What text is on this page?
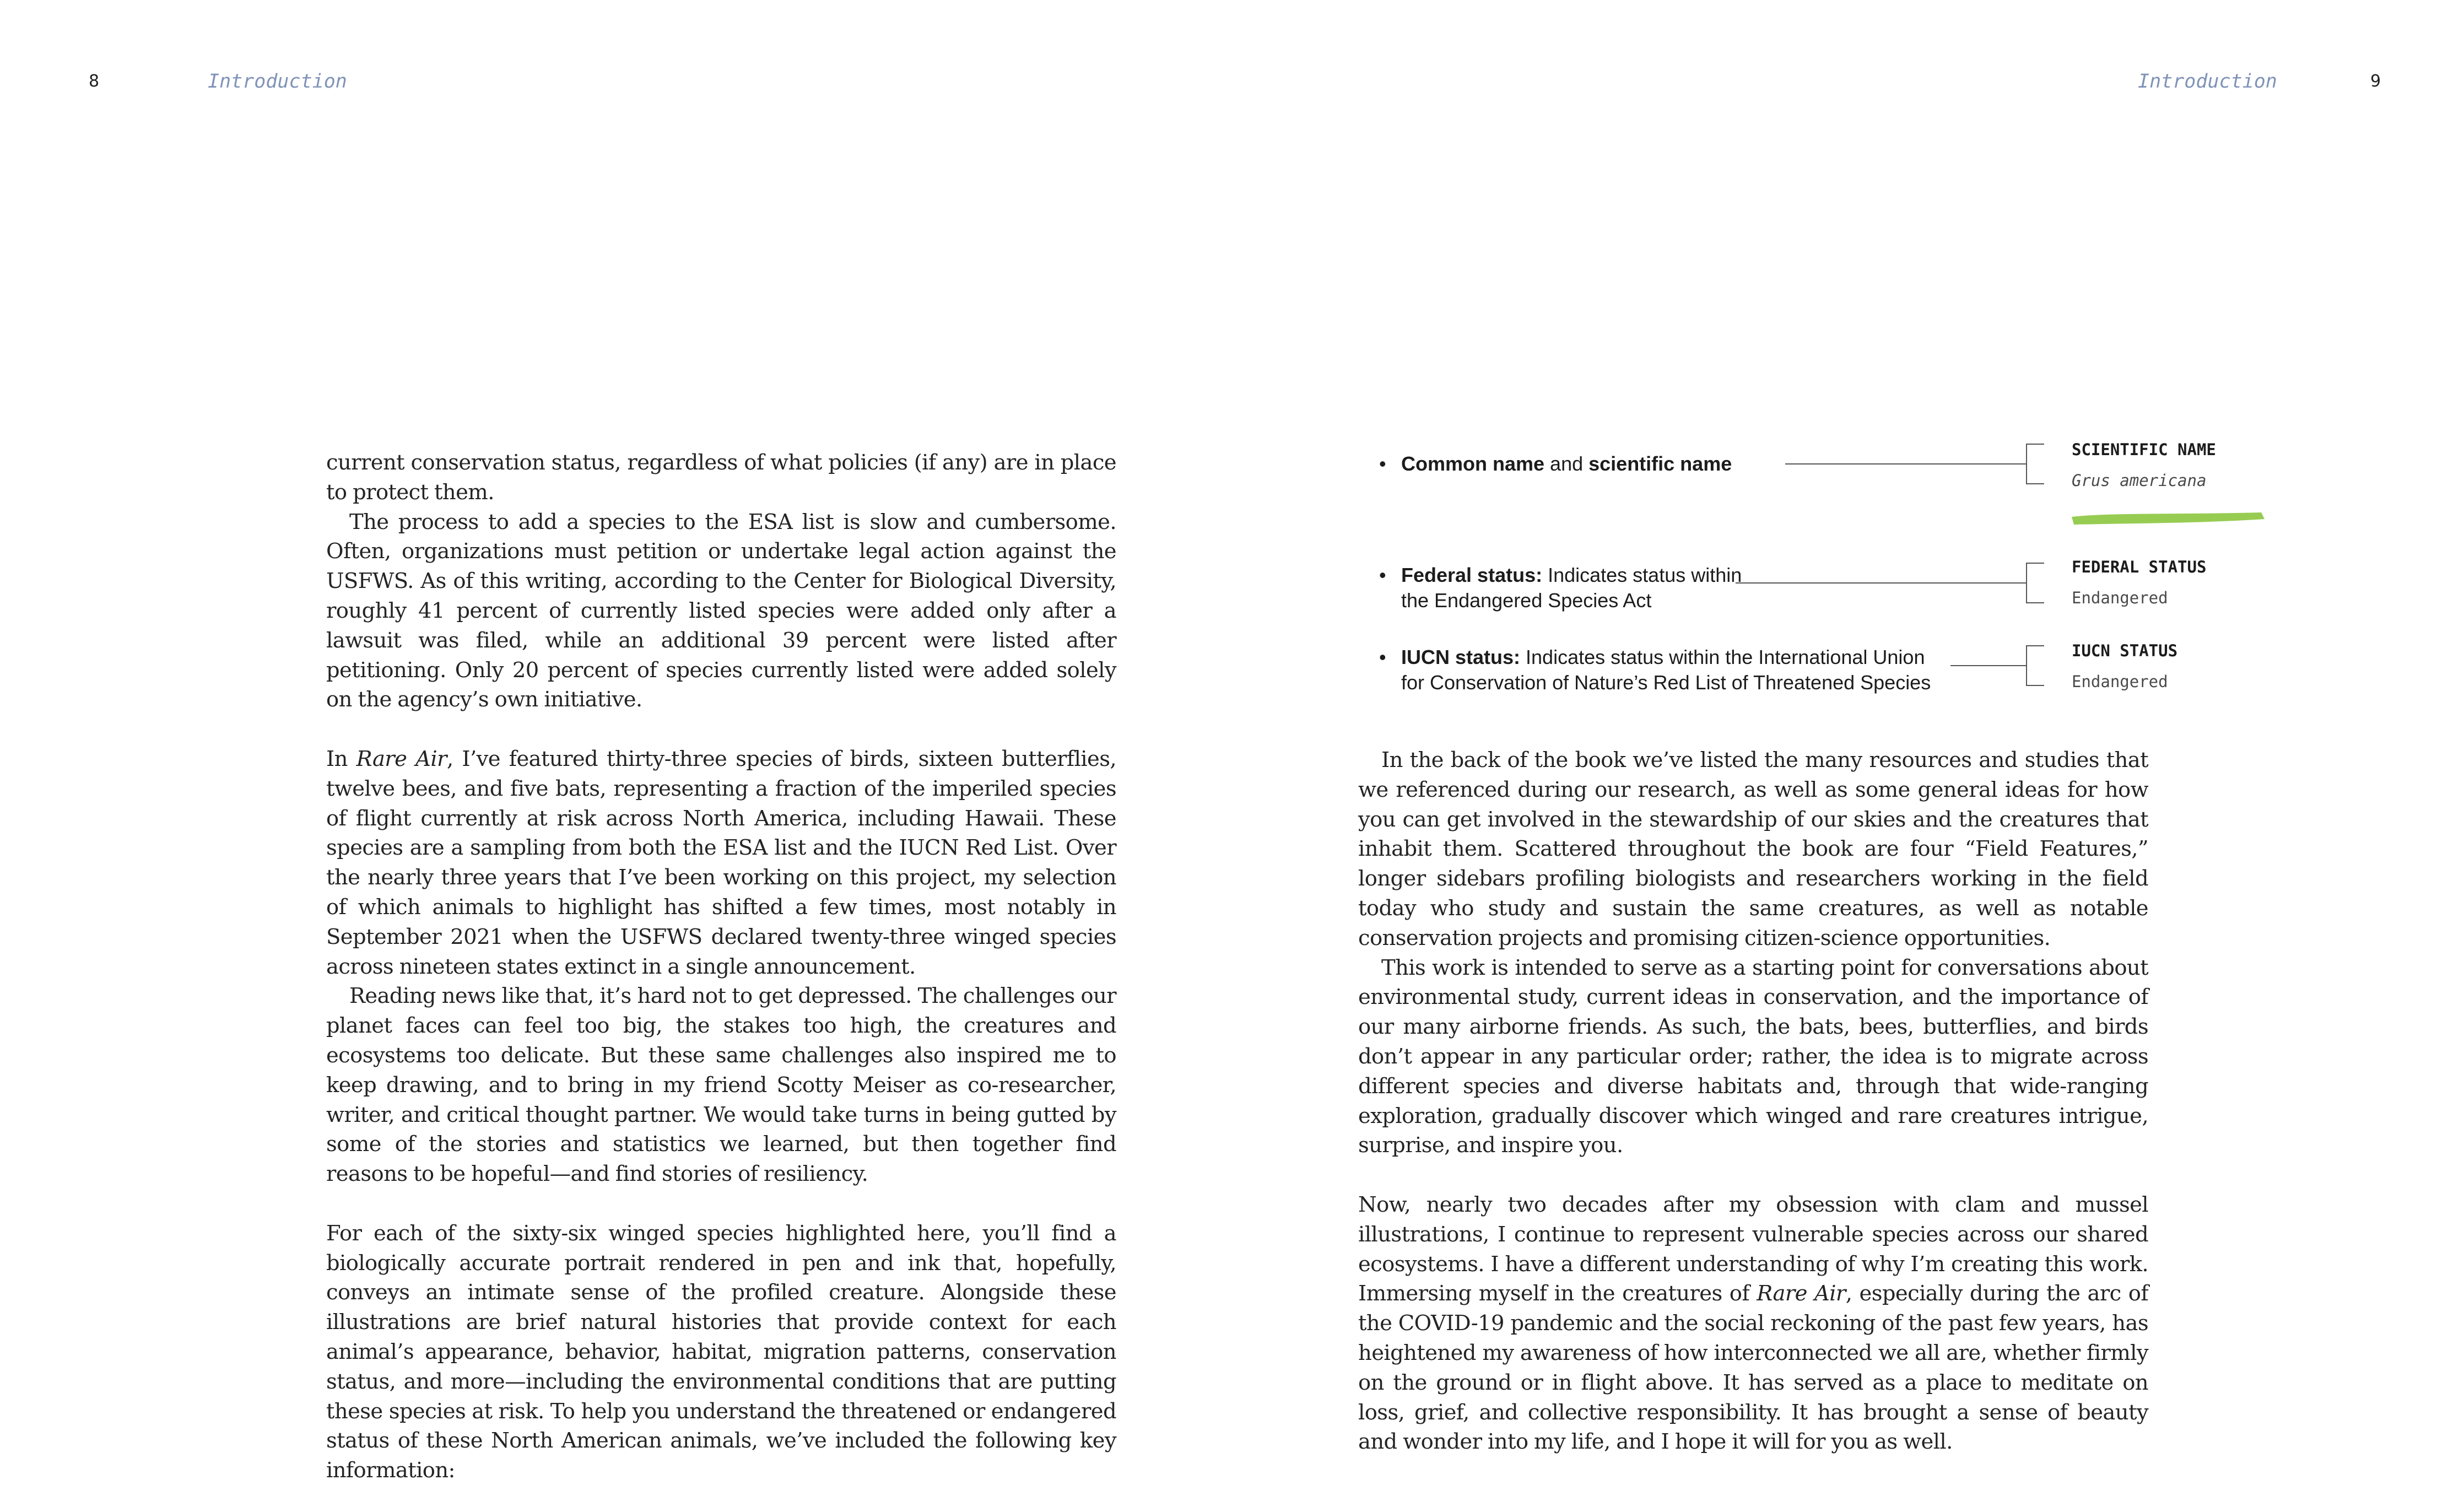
8	Introduction

current conservation status, regardless of what policies (if any) are in place to protect them.

The process to add a species to the ESA list is slow and cumbersome. Often, organizations must petition or undertake legal action against the USFWS. As of this writing, according to the Center for Biological Diversity, roughly 41 percent of currently listed species were added only after a lawsuit was filed, while an additional 39 percent were listed after petitioning. Only 20 percent of species currently listed were added solely on the agency’s own initiative.

In Rare Air, I’ve featured thirty-three species of birds, sixteen butterflies, twelve bees, and five bats, representing a fraction of the imperiled species of flight currently at risk across North America, including Hawaii. These species are a sampling from both the ESA list and the IUCN Red List. Over the nearly three years that I’ve been working on this project, my selection of which animals to highlight has shifted a few times, most notably in September 2021 when the USFWS declared twenty-three winged species across nineteen states extinct in a single announcement.

Reading news like that, it’s hard not to get depressed. The challenges our planet faces can feel too big, the stakes too high, the creatures and ecosystems too delicate. But these same challenges also inspired me to keep drawing, and to bring in my friend Scotty Meiser as co-researcher, writer, and critical thought partner. We would take turns in being gutted by some of the stories and statistics we learned, but then together find reasons to be hopeful—and find stories of resiliency.

For each of the sixty-six winged species highlighted here, you’ll find a biologically accurate portrait rendered in pen and ink that, hopefully, conveys an intimate sense of the profiled creature. Alongside these illustrations are brief natural histories that provide context for each animal’s appearance, behavior, habitat, migration patterns, conservation status, and more—including the environmental conditions that are putting these species at risk. To help you understand the threatened or endangered status of these North American animals, we’ve included the following key information:

Introduction	9
• Common name and scientific name
• Federal status: Indicates status within the Endangered Species Act
• IUCN status: Indicates status within the International Union for Conservation of Nature’s Red List of Threatened Species
SCIENTIFIC NAME
Grus americana
FEDERAL STATUS
Endangered
IUCN STATUS
Endangered

In the back of the book we’ve listed the many resources and studies that we referenced during our research, as well as some general ideas for how you can get involved in the stewardship of our skies and the creatures that inhabit them. Scattered throughout the book are four “Field Features,” longer sidebars profiling biologists and researchers working in the field today who study and sustain the same creatures, as well as notable conservation projects and promising citizen-science opportunities.

This work is intended to serve as a starting point for conversations about environmental study, current ideas in conservation, and the importance of our many airborne friends. As such, the bats, bees, butterflies, and birds don’t appear in any particular order; rather, the idea is to migrate across different species and diverse habitats and, through that wide-ranging exploration, gradually discover which winged and rare creatures intrigue, surprise, and inspire you.

Now, nearly two decades after my obsession with clam and mussel illustrations, I continue to represent vulnerable species across our shared ecosystems. I have a different understanding of why I’m creating this work. Immersing myself in the creatures of Rare Air, especially during the arc of the COVID-19 pandemic and the social reckoning of the past few years, has heightened my awareness of how interconnected we all are, whether firmly on the ground or in flight above. It has served as a place to meditate on loss, grief, and collective responsibility. It has brought a sense of beauty and wonder into my life, and I hope it will for you as well.
